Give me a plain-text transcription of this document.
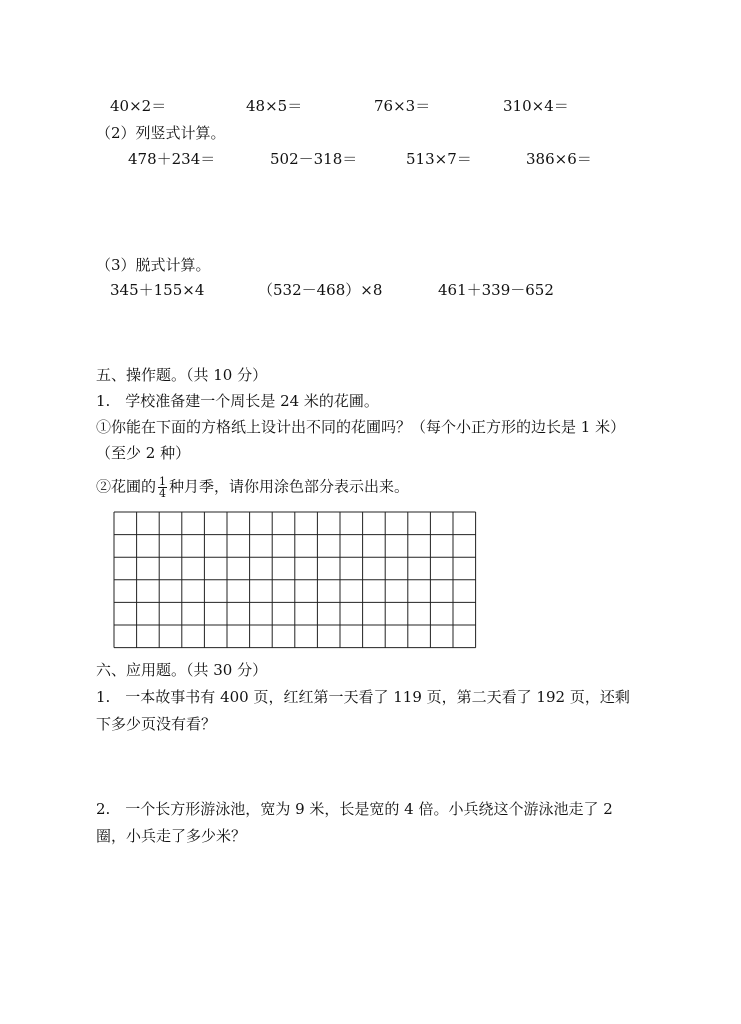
40×2＝	48×5＝	76×3＝	310×4＝
（2）列竖式计算。
478＋234＝	502－318＝	513×7＝	386×6＝
（3）脱式计算。
345＋155×4	（532－468）×8	461＋339－652
五、操作题。（共 10 分）
1.　学校准备建一个周长是 24 米的花圃。
①你能在下面的方格纸上设计出不同的花圃吗？（每个小正方形的边长是 1 米）
（至少 2 种）
②花圃的 $\frac{1}{4}$ 种月季，请你用涂色部分表示出来。
六、应用题。（共 30 分）
1.　一本故事书有 400 页，红红第一天看了 119 页，第二天看了 192 页，还剩
下多少页没有看？
2.　一个长方形游泳池，宽为 9 米，长是宽的 4 倍。小兵绕这个游泳池走了 2
圈，小兵走了多少米？
